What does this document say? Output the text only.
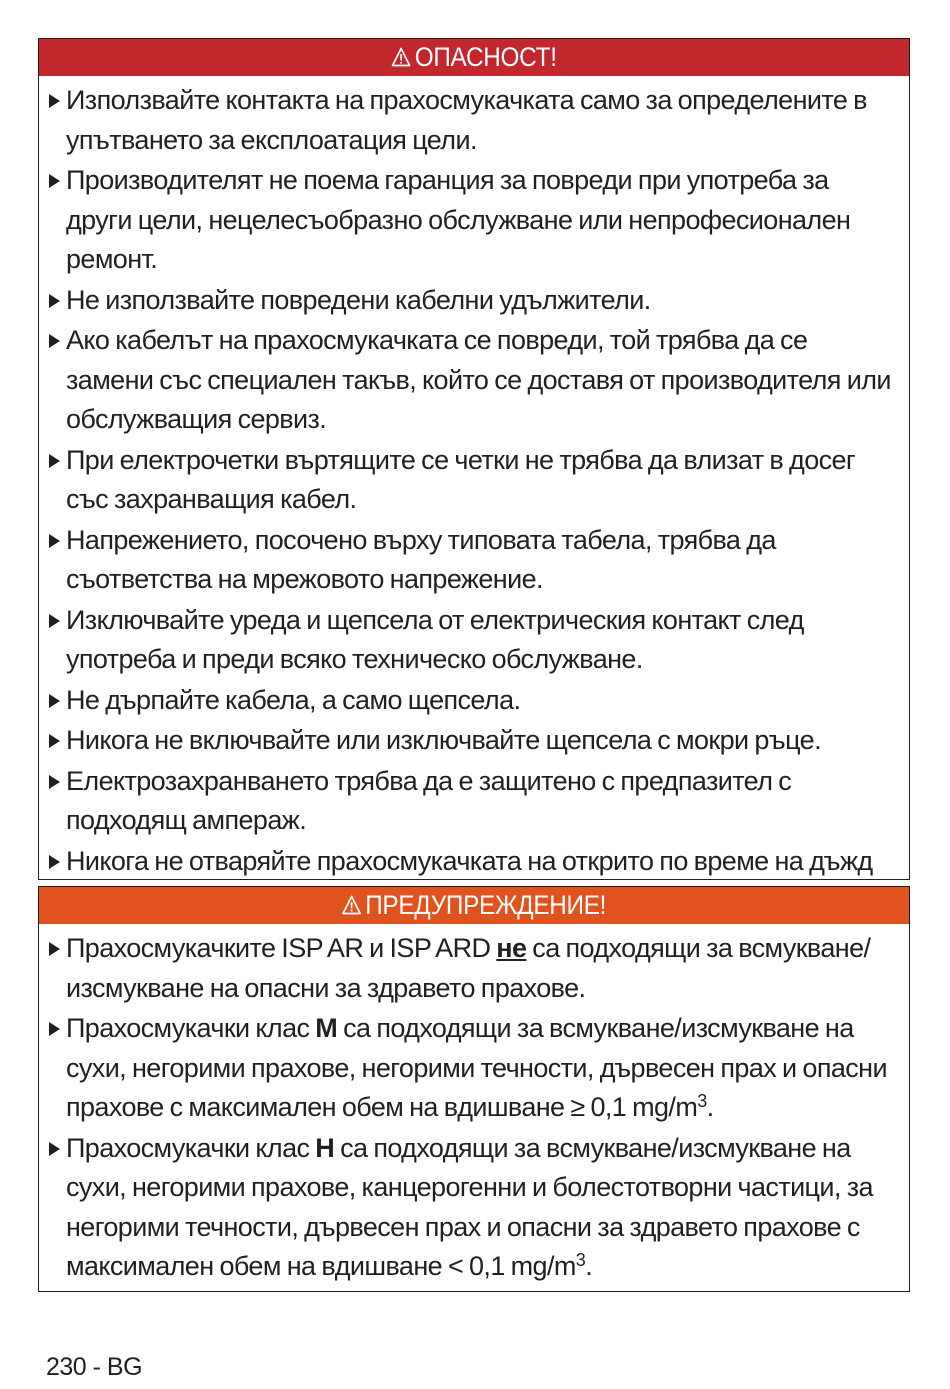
ОПАСНОСТ!
Използвайте контакта на прахосмукачката само за определените в упътването за експлоатация цели.
Производителят не поема гаранция за повреди при употреба за други цели, нецелесъобразно обслужване или непрофесионален ремонт.
Не използвайте повредени кабелни удължители.
Ако кабелът на прахосмукачката се повреди, той трябва да се замени със специален такъв, който се доставя от производителя или обслужващия сервиз.
При електрочетки въртящите се четки не трябва да влизат в досег със захранващия кабел.
Напрежението, посочено върху типовата табела, трябва да съответства на мрежовото напрежение.
Изключвайте уреда и щепсела от електрическия контакт след употреба и преди всяко техническо обслужване.
Не дърпайте кабела, а само щепсела.
Никога не включвайте или изключвайте щепсела с мокри ръце.
Електрозахранването трябва да е защитено с предпазител с подходящ ампераж.
Никога не отваряйте прахосмукачката на открито по време на дъжд
ПРЕДУПРЕЖДЕНИЕ!
Прахосмукачките ISP AR и ISP ARD не са подходящи за всмукване/изсмукване на опасни за здравето прахове.
Прахосмукачки клас M са подходящи за всмукване/изсмукване на сухи, негорими прахове, негорими течности, дървесен прах и опасни прахове с максимален обем на вдишване ≥ 0,1 $mg/m^3$.
Прахосмукачки клас H са подходящи за всмукване/изсмукване на сухи, негорими прахове, канцерогенни и болестотворни частици, за негорими течности, дървесен прах и опасни за здравето прахове с максимален обем на вдишване < 0,1 $mg/m^3$.
230 - BG
